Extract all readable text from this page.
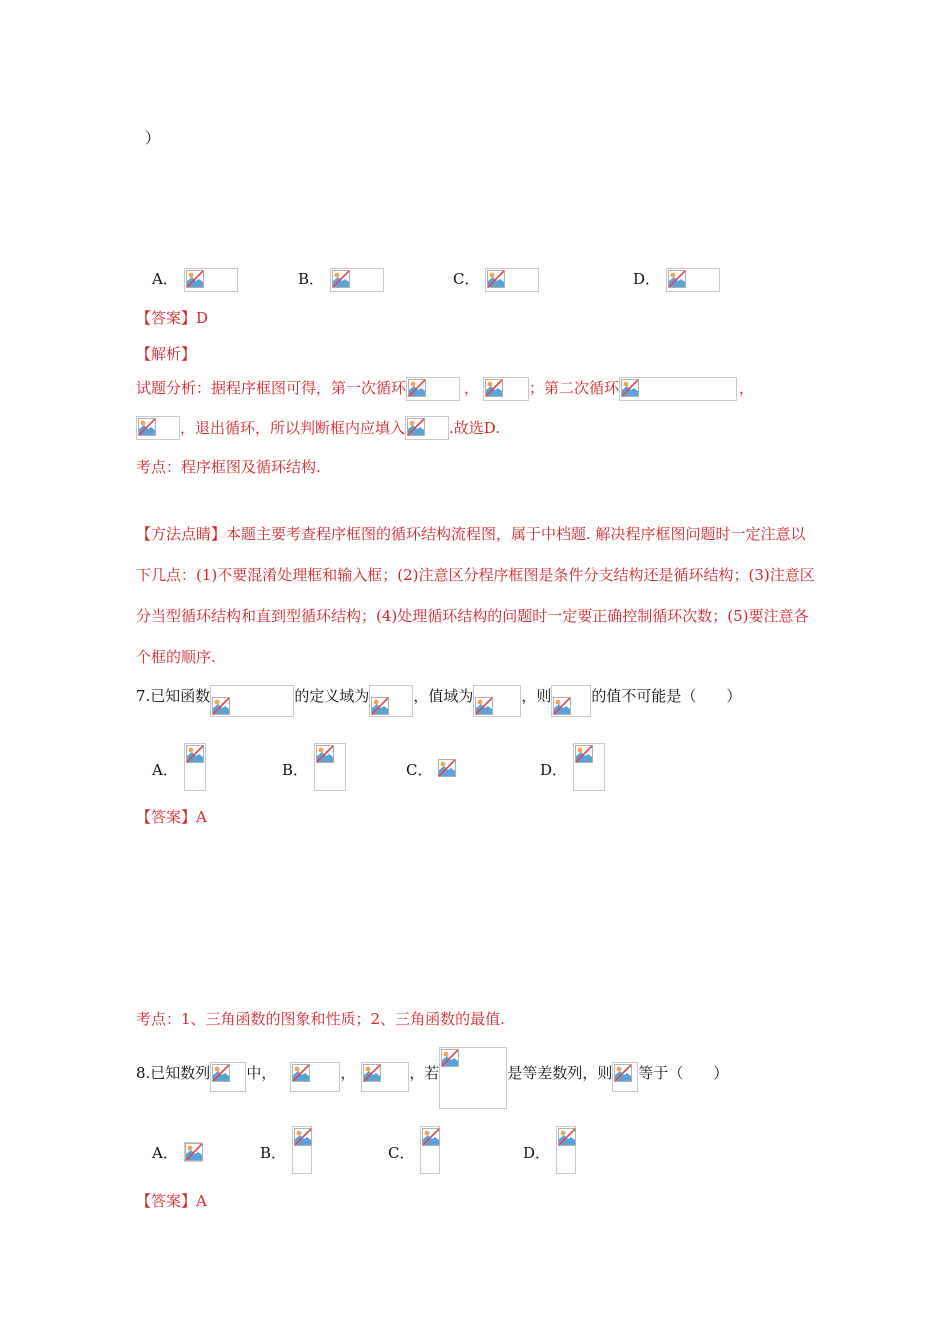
）
A．	B．	C．	D．
【答案】D
【解析】
试题分析：据程序框图可得，第一次循环	，	；第二次循环	，
，退出循环，所以判断框内应填入	.故选D.
考点：程序框图及循环结构.
【方法点睛】本题主要考查程序框图的循环结构流程图，属于中档题. 解决程序框图问题时一定注意以下几点：(1)不要混淆处理框和输入框；(2)注意区分程序框图是条件分支结构还是循环结构；(3)注意区分当型循环结构和直到型循环结构；(4)处理循环结构的问题时一定要正确控制循环次数；(5)要注意各个框的顺序.
7.已知函数	的定义域为	，值域为	，则	的值不可能是（　　）
A．	B．	C．	D．
【答案】A
考点：1、三角函数的图象和性质；2、三角函数的最值.
8.已知数列 中，	，	，若	是等差数列，则 等于（　　）
A．	B．	C．	D．
【答案】A
